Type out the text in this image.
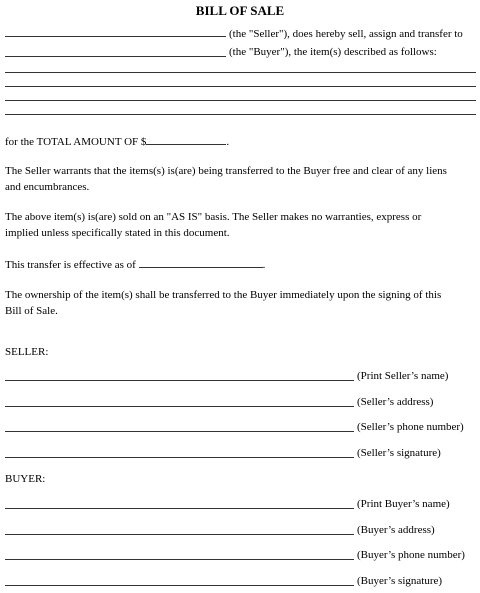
BILL OF SALE
(the "Seller"), does hereby sell, assign and transfer to
(the "Buyer"), the item(s) described as follows:
for the TOTAL AMOUNT OF $	.
The Seller warrants that the items(s) is(are) being transferred to the Buyer free and clear of any liens
and encumbrances.
The above item(s) is(are) sold on an "AS IS" basis. The Seller makes no warranties, express or
implied unless specifically stated in this document.
This transfer is effective as of	.
The ownership of the item(s) shall be transferred to the Buyer immediately upon the signing of this
Bill of Sale.
SELLER:
(Print Seller’s name)
(Seller’s address)
(Seller’s phone number)
(Seller’s signature)
BUYER:
(Print Buyer’s name)
(Buyer’s address)
(Buyer’s phone number)
(Buyer’s signature)
